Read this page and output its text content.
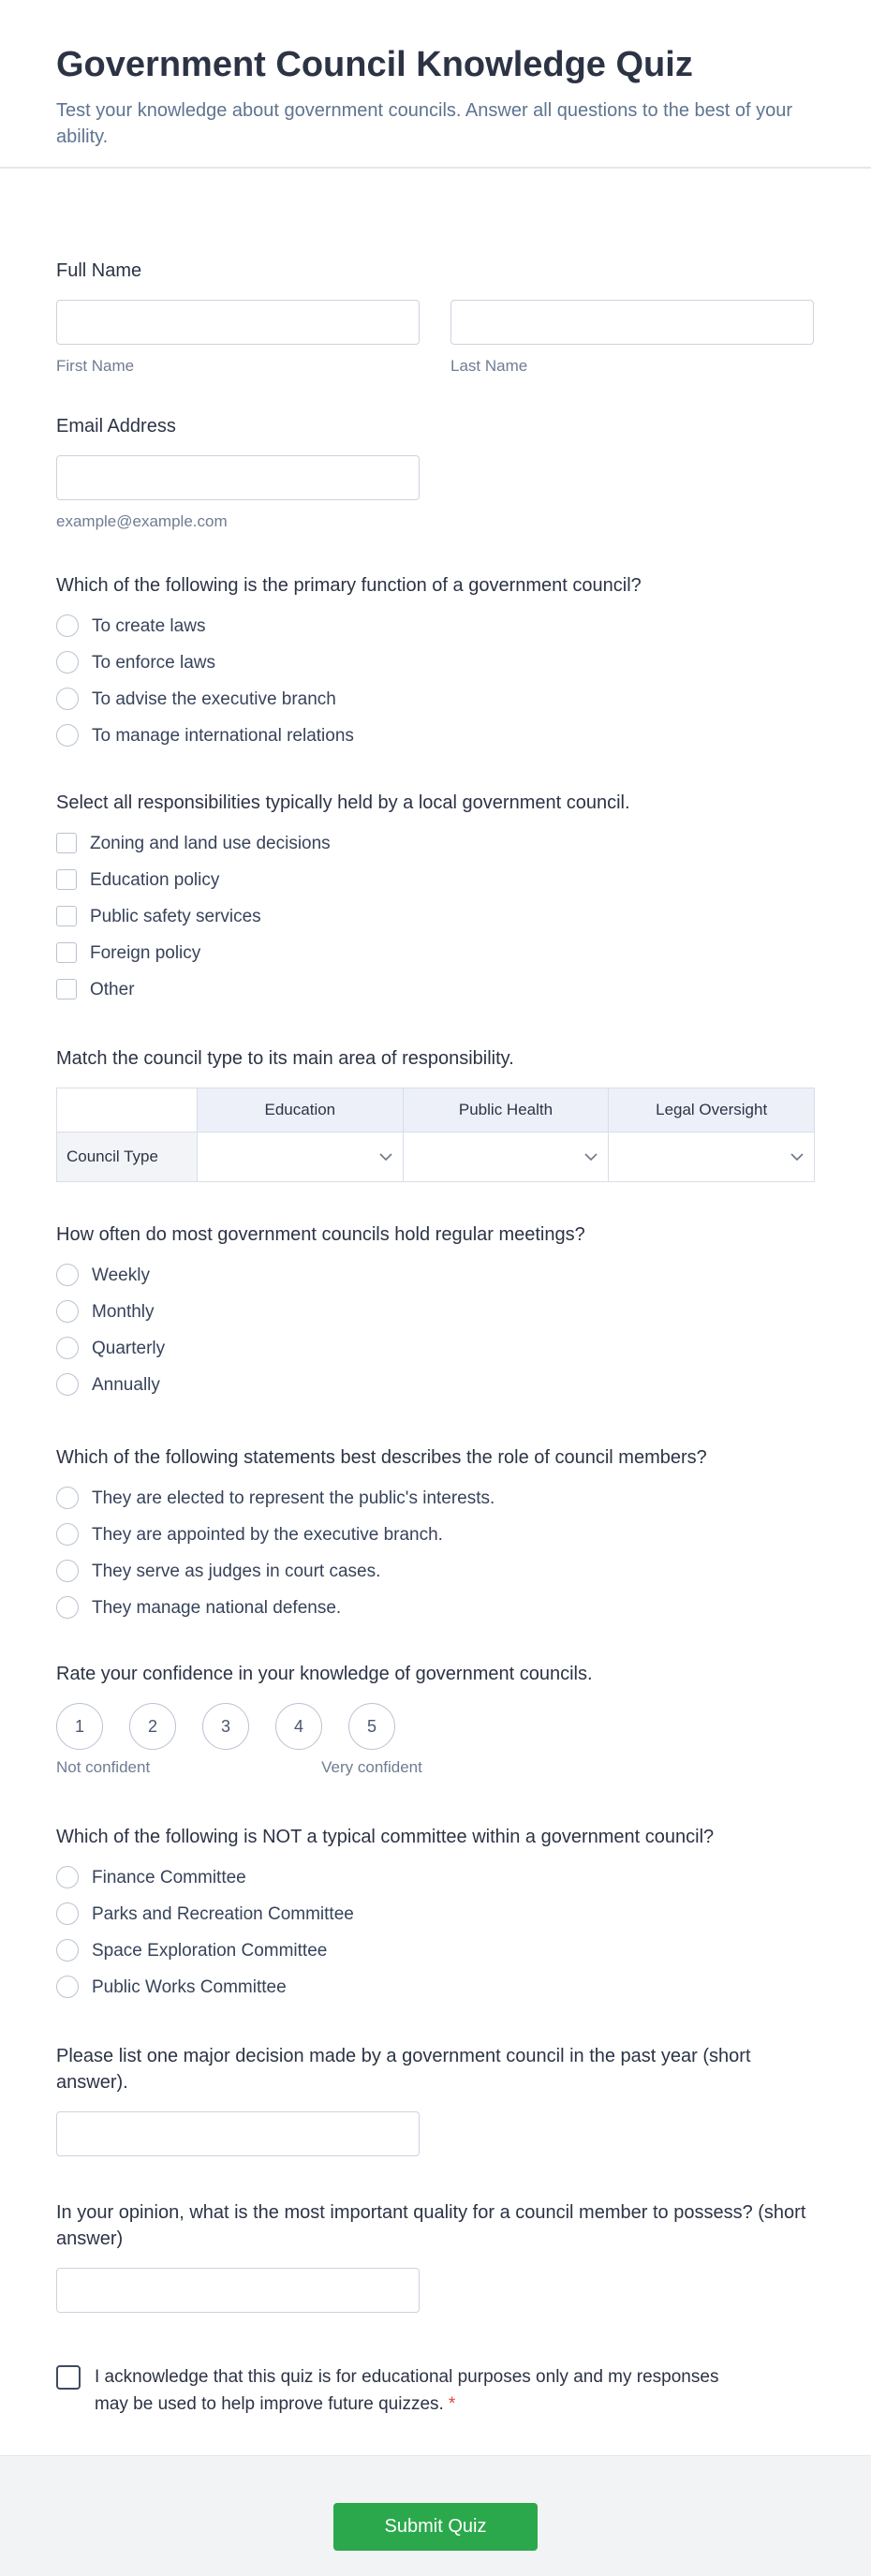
Government Council Knowledge Quiz

Test your knowledge about government councils. Answer all questions to the best of your ability.

Full Name
First Name	Last Name
Email Address
example@example.com
Which of the following is the primary function of a government council?
To create laws
To enforce laws
To advise the executive branch
To manage international relations
Select all responsibilities typically held by a local government council.
Zoning and land use decisions
Education policy
Public safety services
Foreign policy
Other
Match the council type to its main area of responsibility.
	Education	Public Health	Legal Oversight
Council Type	

How often do most government councils hold regular meetings?
Weekly
Monthly
Quarterly
Annually
Which of the following statements best describes the role of council members?
They are elected to represent the public's interests.
They are appointed by the executive branch.
They serve as judges in court cases.
They manage national defense.
Rate your confidence in your knowledge of government councils.
1	2	3	4	5
Not confident	Very confident
Which of the following is NOT a typical committee within a government council?
Finance Committee
Parks and Recreation Committee
Space Exploration Committee
Public Works Committee
Please list one major decision made by a government council in the past year (short answer).
In your opinion, what is the most important quality for a council member to possess? (short answer)

I acknowledge that this quiz is for educational purposes only and my responses may be used to help improve future quizzes. *

Submit Quiz
